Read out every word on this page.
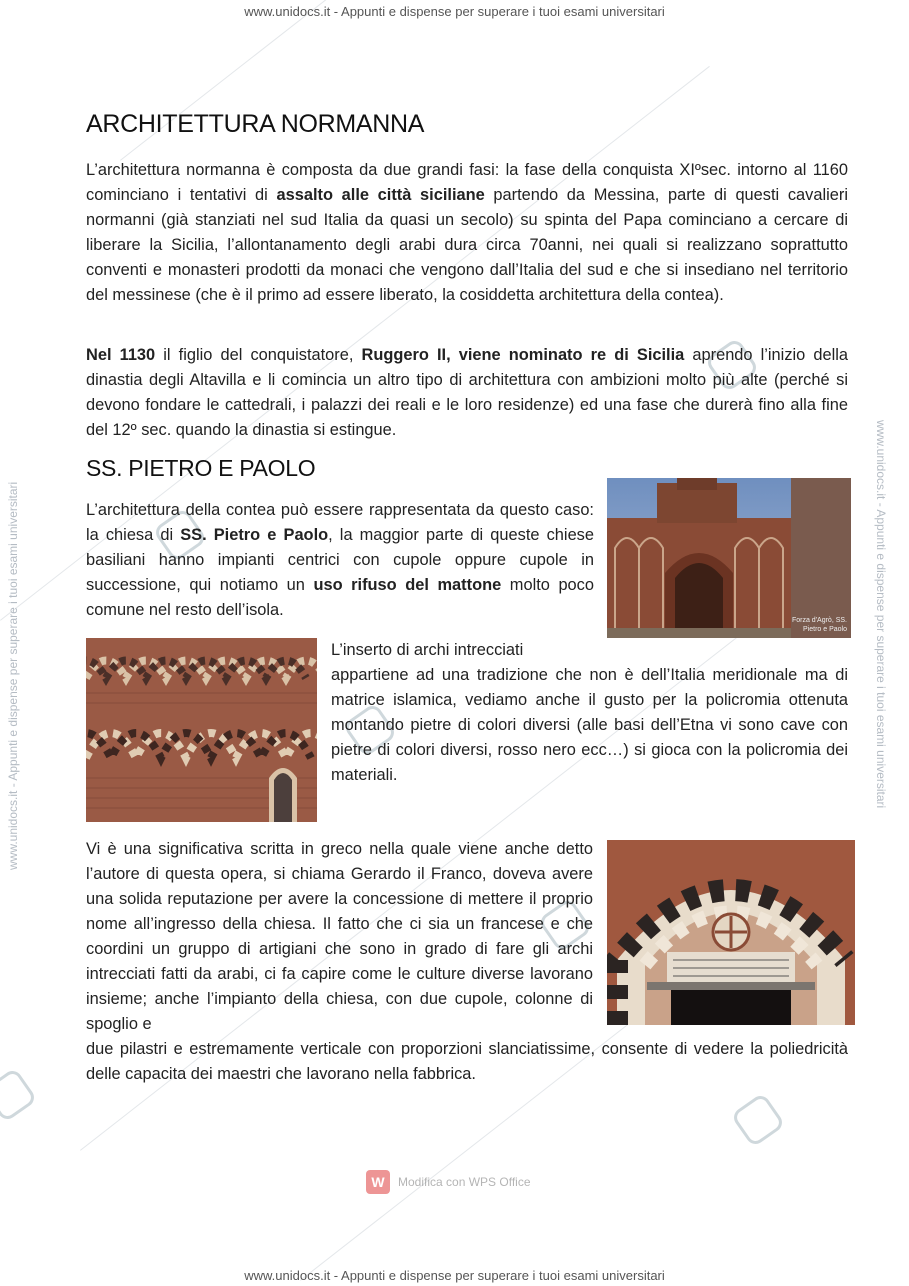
www.unidocs.it - Appunti e dispense per superare i tuoi esami universitari
www.unidocs.it - Appunti e dispense per superare i tuoi esami universitari
www.unidocs.it - Appunti e dispense per superare i tuoi esami universitari	www.unidocs.it - Appunti e dispense per superare i tuoi esami universitari
ARCHITETTURA NORMANNA

L’architettura normanna è composta da due grandi fasi: la fase della conquista XIºsec. intorno al 1160 cominciano i tentativi di assalto alle città siciliane partendo da Messina, parte di questi cavalieri normanni (già stanziati nel sud Italia da quasi un secolo) su spinta del Papa cominciano a cercare di liberare la Sicilia, l’allontanamento degli arabi dura circa 70anni, nei quali si realizzano soprattutto conventi e monasteri prodotti da monaci che vengono dall’Italia del sud e che si insediano nel territorio del messinese (che è il primo ad essere liberato, la cosiddetta architettura della contea).

Nel 1130 il figlio del conquistatore, Ruggero II, viene nominato re di Sicilia aprendo l’inizio della dinastia degli Altavilla e li comincia un altro tipo di architettura con ambizioni molto più alte (perché si devono fondare le cattedrali, i palazzi dei reali e le loro residenze) ed una fase che durerà fino alla fine del 12º sec. quando la dinastia si estingue.

SS. PIETRO E PAOLO

L’architettura della contea può essere rappresentata da questo caso: la chiesa di SS. Pietro e Paolo, la maggior parte di queste chiese basiliani hanno impianti centrici con cupole oppure cupole in successione, qui notiamo un uso rifuso del mattone molto poco comune nel resto dell’isola.

Forza d'Agrò, SS. Pietro e Paolo

L’inserto di archi intrecciati

appartiene ad una tradizione che non è dell’Italia meridionale ma di matrice islamica, vediamo anche il gusto per la policromia ottenuta montando pietre di colori diversi (alle basi dell’Etna vi sono cave con pietre di colori diversi, rosso nero ecc…) si gioca con la policromia dei materiali.

Vi è una significativa scritta in greco nella quale viene anche detto l’autore di questa opera, si chiama Gerardo il Franco, doveva avere una solida reputazione per avere la concessione di mettere il proprio nome all’ingresso della chiesa. Il fatto che ci sia un francese e che coordini un gruppo di artigiani che sono in grado di fare gli archi intrecciati fatti da arabi, ci fa capire come le culture diverse lavorano insieme; anche l’impianto della chiesa, con due cupole, colonne di spoglio e

due pilastri e estremamente verticale con proporzioni slanciatissime, consente di vedere la poliedricità delle capacita dei maestri che lavorano nella fabbrica.

W	Modifica con WPS Office
